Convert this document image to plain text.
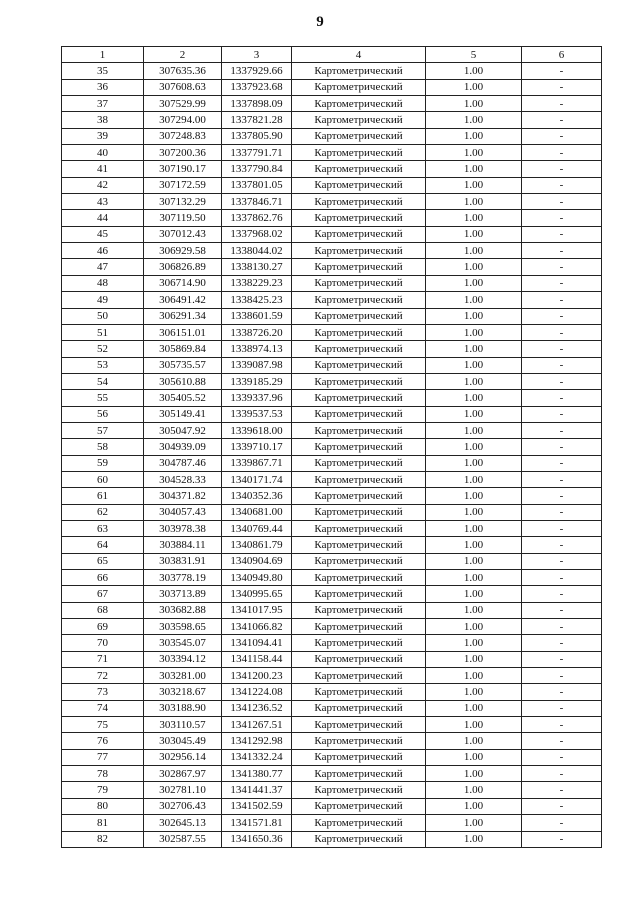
9
1	2	3	4	5	6
35	307635.36	1337929.66	Картометрический	1.00	-
36	307608.63	1337923.68	Картометрический	1.00	-
37	307529.99	1337898.09	Картометрический	1.00	-
38	307294.00	1337821.28	Картометрический	1.00	-
39	307248.83	1337805.90	Картометрический	1.00	-
40	307200.36	1337791.71	Картометрический	1.00	-
41	307190.17	1337790.84	Картометрический	1.00	-
42	307172.59	1337801.05	Картометрический	1.00	-
43	307132.29	1337846.71	Картометрический	1.00	-
44	307119.50	1337862.76	Картометрический	1.00	-
45	307012.43	1337968.02	Картометрический	1.00	-
46	306929.58	1338044.02	Картометрический	1.00	-
47	306826.89	1338130.27	Картометрический	1.00	-
48	306714.90	1338229.23	Картометрический	1.00	-
49	306491.42	1338425.23	Картометрический	1.00	-
50	306291.34	1338601.59	Картометрический	1.00	-
51	306151.01	1338726.20	Картометрический	1.00	-
52	305869.84	1338974.13	Картометрический	1.00	-
53	305735.57	1339087.98	Картометрический	1.00	-
54	305610.88	1339185.29	Картометрический	1.00	-
55	305405.52	1339337.96	Картометрический	1.00	-
56	305149.41	1339537.53	Картометрический	1.00	-
57	305047.92	1339618.00	Картометрический	1.00	-
58	304939.09	1339710.17	Картометрический	1.00	-
59	304787.46	1339867.71	Картометрический	1.00	-
60	304528.33	1340171.74	Картометрический	1.00	-
61	304371.82	1340352.36	Картометрический	1.00	-
62	304057.43	1340681.00	Картометрический	1.00	-
63	303978.38	1340769.44	Картометрический	1.00	-
64	303884.11	1340861.79	Картометрический	1.00	-
65	303831.91	1340904.69	Картометрический	1.00	-
66	303778.19	1340949.80	Картометрический	1.00	-
67	303713.89	1340995.65	Картометрический	1.00	-
68	303682.88	1341017.95	Картометрический	1.00	-
69	303598.65	1341066.82	Картометрический	1.00	-
70	303545.07	1341094.41	Картометрический	1.00	-
71	303394.12	1341158.44	Картометрический	1.00	-
72	303281.00	1341200.23	Картометрический	1.00	-
73	303218.67	1341224.08	Картометрический	1.00	-
74	303188.90	1341236.52	Картометрический	1.00	-
75	303110.57	1341267.51	Картометрический	1.00	-
76	303045.49	1341292.98	Картометрический	1.00	-
77	302956.14	1341332.24	Картометрический	1.00	-
78	302867.97	1341380.77	Картометрический	1.00	-
79	302781.10	1341441.37	Картометрический	1.00	-
80	302706.43	1341502.59	Картометрический	1.00	-
81	302645.13	1341571.81	Картометрический	1.00	-
82	302587.55	1341650.36	Картометрический	1.00	-
